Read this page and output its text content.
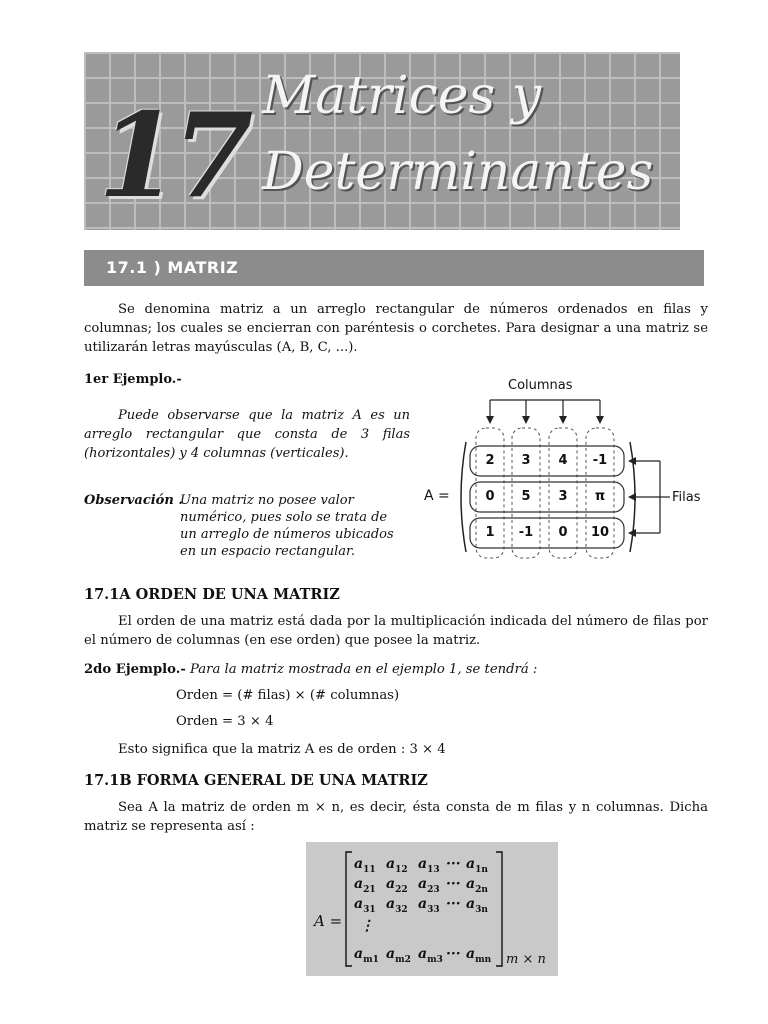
17 Matrices y
Determinantes
17.1 ) MATRIZ
Se denomina matriz a un arreglo rectangular de números ordenados en filas y columnas; los cuales se encierran con paréntesis o corchetes. Para designar a una matriz se utilizarán letras mayúsculas (A, B, C, ...).
1er Ejemplo.-
Puede observarse que la matriz A es un arreglo rectangular que consta de 3 filas (horizontales) y 4 columnas (verticales).
Observación .
Una matriz no posee valor numérico, pues solo se trata de un arreglo de números ubicados en un espacio rectangular.
Columnas
A =	Filas
2	3	4	-1
0	5	3	π
1	-1	0	10
17.1A ORDEN DE UNA MATRIZ
El orden de una matriz está dada por la multiplicación indicada del número de filas por el número de columnas (en ese orden) que posee la matriz.
2do Ejemplo.- Para la matriz mostrada en el ejemplo 1, se tendrá :
Orden = (# filas) × (# columnas)
Orden = 3 × 4
Esto significa que la matriz A es de orden : 3 × 4
17.1B FORMA GENERAL DE UNA MATRIZ
Sea A la matriz de orden m × n, es decir, ésta consta de m filas y n columnas. Dicha matriz se representa así :
A =
$a_{11}$ $a_{12}$ $a_{13}$ ··· $a_{1n}$
$a_{21}$ $a_{22}$ $a_{23}$ ··· $a_{2n}$
$a_{31}$ $a_{32}$ $a_{33}$ ··· $a_{3n}$
⋮
$a_{m1}$ $a_{m2}$ $a_{m3}$ ··· $a_{mn}$ m × n
